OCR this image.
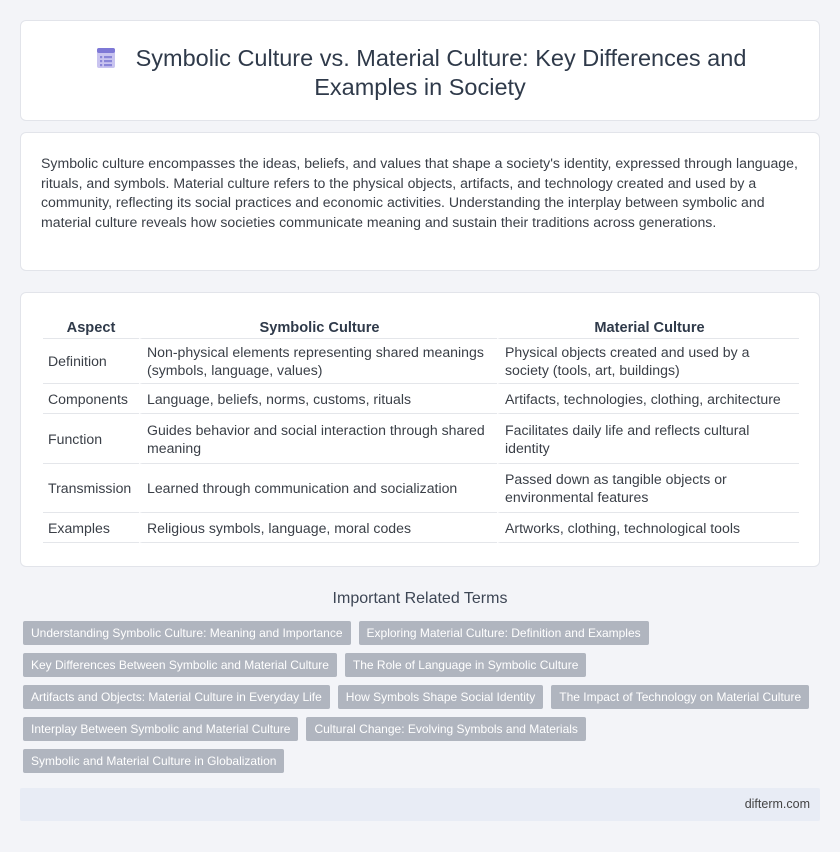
Symbolic Culture vs. Material Culture: Key Differences and
Examples in Society

Symbolic culture encompasses the ideas, beliefs, and values that shape a society's identity, expressed through language, rituals, and symbols. Material culture refers to the physical objects, artifacts, and technology created and used by a community, reflecting its social practices and economic activities. Understanding the interplay between symbolic and material culture reveals how societies communicate meaning and sustain their traditions across generations.

Aspect	Symbolic Culture	Material Culture
Definition	Non-physical elements representing shared meanings (symbols, language, values)	Physical objects created and used by a society (tools, art, buildings)
Components	Language, beliefs, norms, customs, rituals	Artifacts, technologies, clothing, architecture
Function	Guides behavior and social interaction through shared meaning	Facilitates daily life and reflects cultural identity
Transmission	Learned through communication and socialization	Passed down as tangible objects or environmental features
Examples	Religious symbols, language, moral codes	Artworks, clothing, technological tools
Important Related Terms
Understanding Symbolic Culture: Meaning and Importance	Exploring Material Culture: Definition and Examples
Key Differences Between Symbolic and Material Culture	The Role of Language in Symbolic Culture
Artifacts and Objects: Material Culture in Everyday Life	How Symbols Shape Social Identity	The Impact of Technology on Material Culture
Interplay Between Symbolic and Material Culture	Cultural Change: Evolving Symbols and Materials
Symbolic and Material Culture in Globalization
difterm.com
